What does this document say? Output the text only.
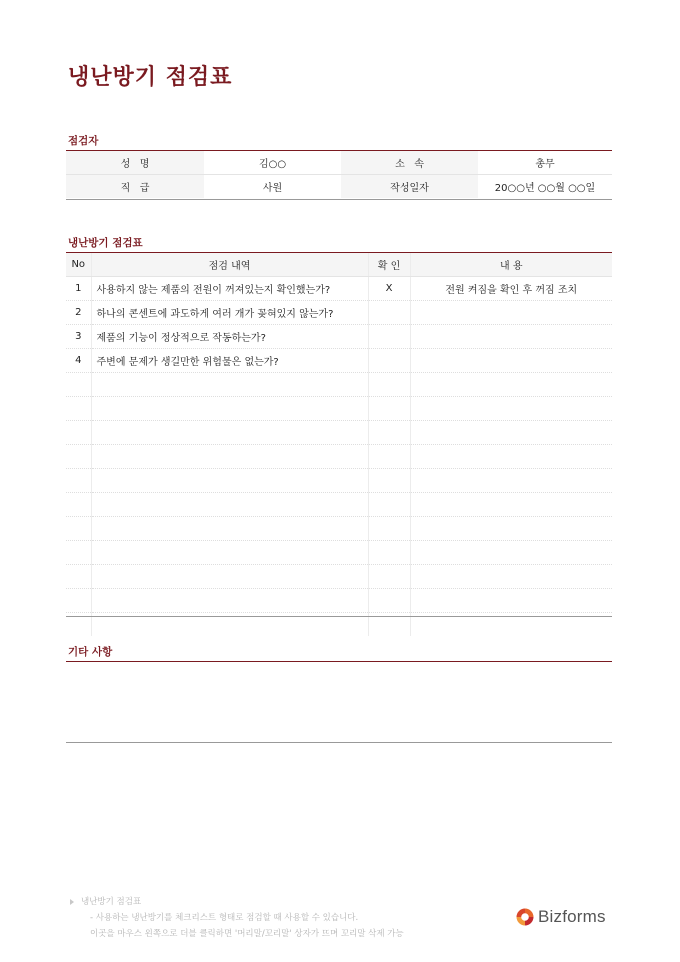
냉난방기 점검표
점검자
성   명	김○○	소   속	총무
직   급	사원	작성일자	20○○년 ○○월 ○○일
냉난방기 점검표
No	점검 내역	확 인	내 용
1	사용하지 않는 제품의 전원이 꺼져있는지 확인했는가?	X	전원 켜짐을 확인 후 꺼짐 조치
2	하나의 콘센트에 과도하게 여러 개가 꽂혀있지 않는가?		
3	제품의 기능이 정상적으로 작동하는가?		
4	주변에 문제가 생길만한 위험물은 없는가?		

기타 사항
냉난방기 점검표
- 사용하는 냉난방기를 체크리스트 형태로 점검할 때 사용할 수 있습니다.
이곳을 마우스 왼쪽으로 더블 클릭하면 '머리말/꼬리말' 상자가 뜨며 꼬리말 삭제 가능
Bizforms
